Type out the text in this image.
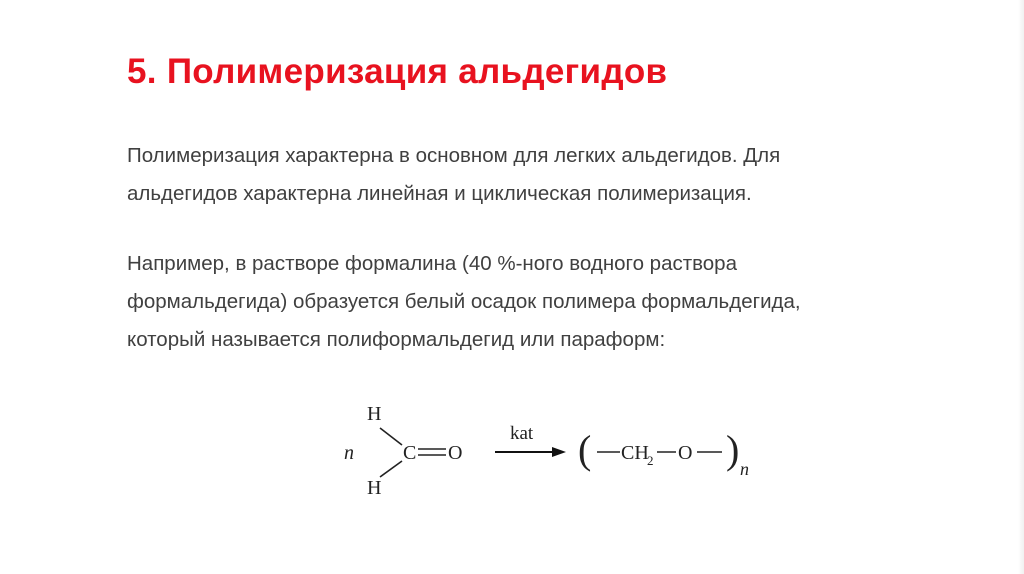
5. Полимеризация альдегидов

Полимеризация характерна в основном для легких альдегидов. Для
альдегидов характерна линейная и циклическая полимеризация.

Например, в растворе формалина (40 %-ного водного раствора
формальдегида) образуется белый осадок полимера формальдегида,
который называется полиформальдегид или параформ:

n
H
H
C O
kat ( CH
2 O ) n
